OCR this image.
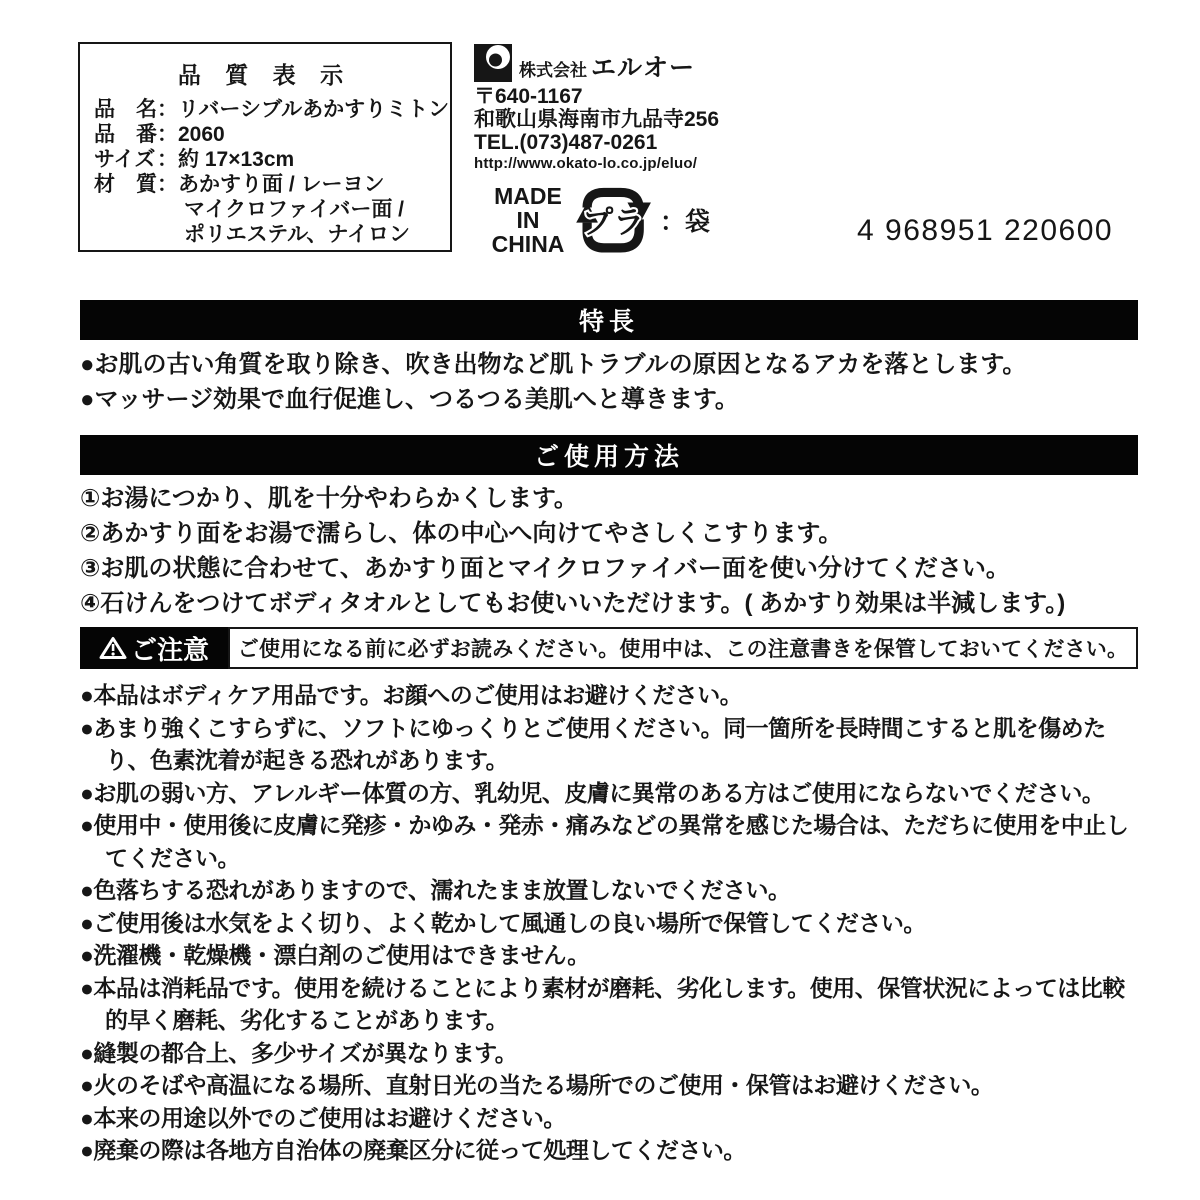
品 質 表 示
品　名：リバーシブルあかすりミトン
品　番：2060
サイズ：約 17×13cm
材　質：あかすり面 / レーヨン
マイクロファイバー面 /
ポリエステル、ナイロン
株式会社 エルオー
〒640-1167
和歌山県海南市九品寺256
TEL.(073)487-0261
http://www.okato-lo.co.jp/eluo/
MADE
IN
CHINA
プラ ：袋	4 968951 220600
特長
●お肌の古い角質を取り除き、吹き出物など肌トラブルの原因となるアカを落とします。
●マッサージ効果で血行促進し、つるつる美肌へと導きます。
ご使用方法
①お湯につかり、肌を十分やわらかくします。
②あかすり面をお湯で濡らし、体の中心へ向けてやさしくこすります。
③お肌の状態に合わせて、あかすり面とマイクロファイバー面を使い分けてください。
④石けんをつけてボディタオルとしてもお使いいただけます。( あかすり効果は半減します。)
ご注意	ご使用になる前に必ずお読みください。使用中は、この注意書きを保管しておいてください。
●本品はボディケア用品です。お顔へのご使用はお避けください。
●あまり強くこすらずに、ソフトにゆっくりとご使用ください。同一箇所を長時間こすると肌を傷めたり、色素沈着が起きる恐れがあります。
●お肌の弱い方、アレルギー体質の方、乳幼児、皮膚に異常のある方はご使用にならないでください。
●使用中・使用後に皮膚に発疹・かゆみ・発赤・痛みなどの異常を感じた場合は、ただちに使用を中止してください。
●色落ちする恐れがありますので、濡れたまま放置しないでください。
●ご使用後は水気をよく切り、よく乾かして風通しの良い場所で保管してください。
●洗濯機・乾燥機・漂白剤のご使用はできません。
●本品は消耗品です。使用を続けることにより素材が磨耗、劣化します。使用、保管状況によっては比較的早く磨耗、劣化することがあります。
●縫製の都合上、多少サイズが異なります。
●火のそばや高温になる場所、直射日光の当たる場所でのご使用・保管はお避けください。
●本来の用途以外でのご使用はお避けください。
●廃棄の際は各地方自治体の廃棄区分に従って処理してください。
